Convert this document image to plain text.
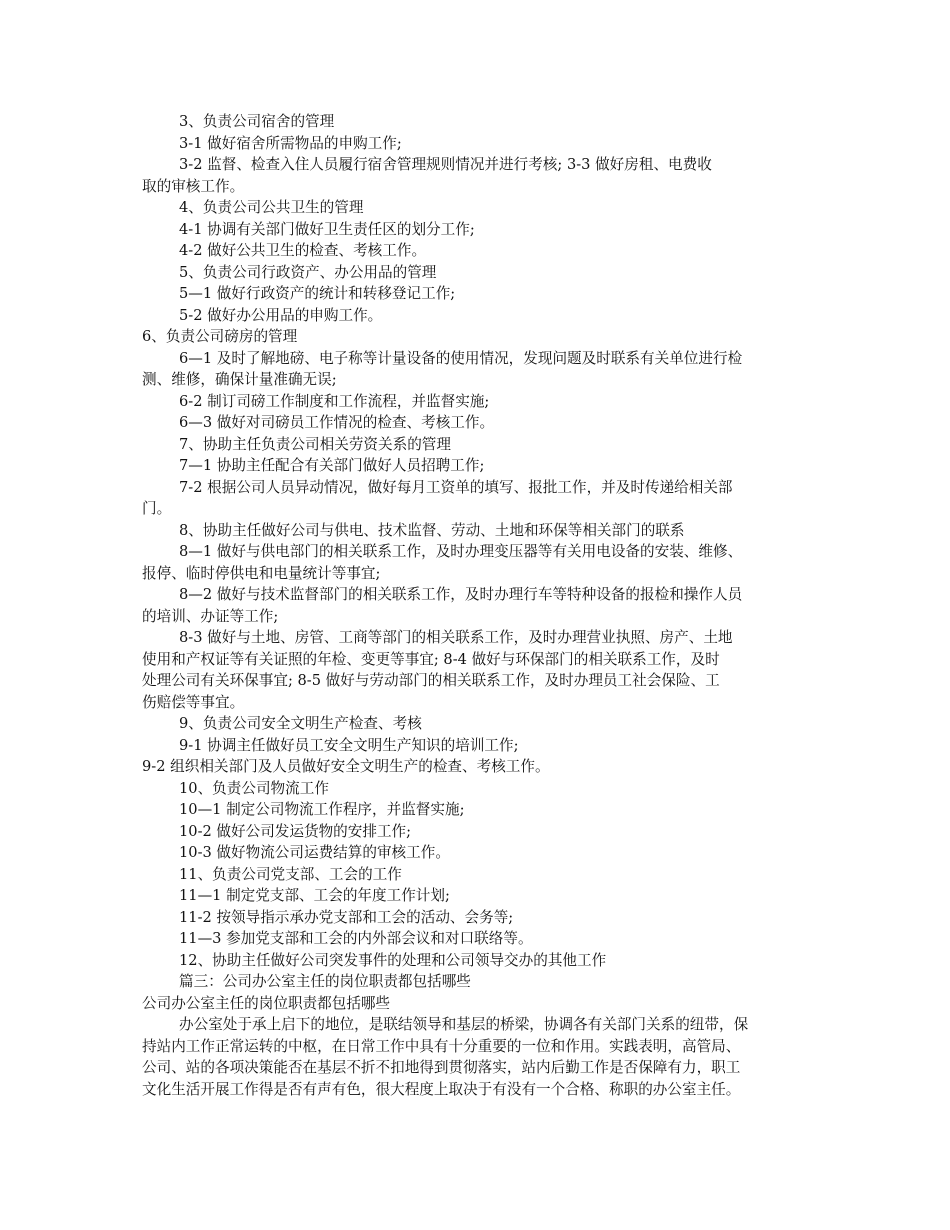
3、负责公司宿舍的管理

3-1 做好宿舍所需物品的申购工作;

3-2 监督、检查入住人员履行宿舍管理规则情况并进行考核; 3-3 做好房租、电费收

取的审核工作。

4、负责公司公共卫生的管理

4-1 协调有关部门做好卫生责任区的划分工作;

4-2 做好公共卫生的检查、考核工作。

5、负责公司行政资产、办公用品的管理

5—1 做好行政资产的统计和转移登记工作;

5-2 做好办公用品的申购工作。

6、负责公司磅房的管理

6—1 及时了解地磅、电子称等计量设备的使用情况，发现问题及时联系有关单位进行检

测、维修，确保计量准确无误;

6-2 制订司磅工作制度和工作流程，并监督实施;

6—3 做好对司磅员工作情况的检查、考核工作。

7、协助主任负责公司相关劳资关系的管理

7—1 协助主任配合有关部门做好人员招聘工作;

7-2 根据公司人员异动情况，做好每月工资单的填写、报批工作，并及时传递给相关部

门。

8、协助主任做好公司与供电、技术监督、劳动、土地和环保等相关部门的联系

8—1 做好与供电部门的相关联系工作，及时办理变压器等有关用电设备的安装、维修、

报停、临时停供电和电量统计等事宜;

8—2 做好与技术监督部门的相关联系工作，及时办理行车等特种设备的报检和操作人员

的培训、办证等工作;

8-3 做好与土地、房管、工商等部门的相关联系工作，及时办理营业执照、房产、土地

使用和产权证等有关证照的年检、变更等事宜; 8-4 做好与环保部门的相关联系工作，及时

处理公司有关环保事宜; 8-5 做好与劳动部门的相关联系工作，及时办理员工社会保险、工

伤赔偿等事宜。

9、负责公司安全文明生产检查、考核

9-1 协调主任做好员工安全文明生产知识的培训工作;

9-2 组织相关部门及人员做好安全文明生产的检查、考核工作。

10、负责公司物流工作

10—1 制定公司物流工作程序，并监督实施;

10-2 做好公司发运货物的安排工作;

10-3 做好物流公司运费结算的审核工作。

11、负责公司党支部、工会的工作

11—1 制定党支部、工会的年度工作计划;

11-2 按领导指示承办党支部和工会的活动、会务等;

11—3 参加党支部和工会的内外部会议和对口联络等。

12、协助主任做好公司突发事件的处理和公司领导交办的其他工作

篇三：公司办公室主任的岗位职责都包括哪些

公司办公室主任的岗位职责都包括哪些

办公室处于承上启下的地位，是联结领导和基层的桥梁，协调各有关部门关系的纽带，保

持站内工作正常运转的中枢，在日常工作中具有十分重要的一位和作用。实践表明，高管局、

公司、站的各项决策能否在基层不折不扣地得到贯彻落实，站内后勤工作是否保障有力，职工

文化生活开展工作得是否有声有色，很大程度上取决于有没有一个合格、称职的办公室主任。
